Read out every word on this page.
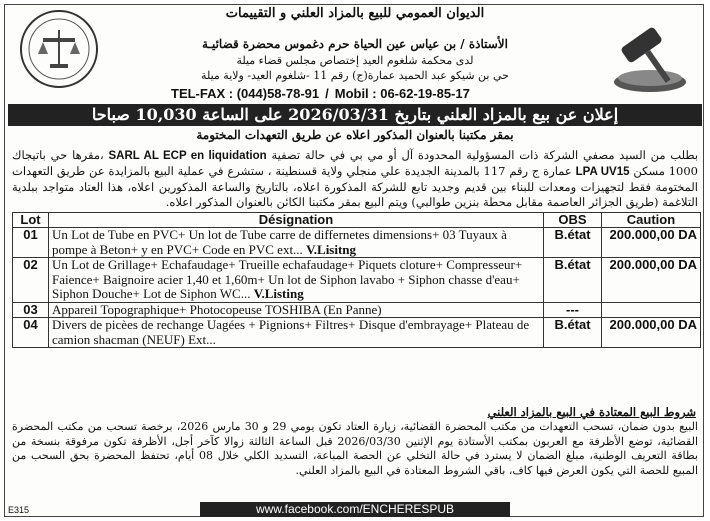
الديوان العمومي للبيع بالمزاد العلني و التقييمات
الأستاذة / بن عياس عين الحياة حرم دغموس محضرة قضائيـة
لدى محكمة شلغوم العيد إختصاص مجلس قضاء ميلة
حي بن شيكو عبد الحميد عمارة(ج) رقم 11 -شلغوم العيد- ولاية ميلة
TEL-FAX : (044)58-78-91 / Mobil : 06-62-19-85-17
إعلان عن بيع بالمزاد العلني بتاريخ 2026/03/31 على الساعة 10,030 صباحا
بمقر مكتبنا بالعنوان المذكور اعلاه عن طريق التعهدات المختومة
بطلب من السيد مصفي الشركة ذات المسؤولية المحدودة آل أو مي بي في حالة تصفية SARL AL ECP en liquidation ،مقرها حي باتيجاك 1000 مسكن LPA UV15 عمارة ج رقم 117 بالمدينة الجديدة علي منجلي ولاية قسنطينة ، ستشرع في عملية البيع بالمزايدة عن طريق التعهدات المختومة فقط لتجهيزات ومعدات للبناء بين قديم وجديد تابع للشركة المذكورة اعلاه، بالتاريخ والساعة المذكورين اعلاه، هذا العتاد متواجد ببلدية التلاغمة (طريق الجزائر العاصمة مقابل محطة بنزين طوالبي) ويتم البيع بمقر مكتبنا الكائن بالعنوان المذكور اعلاه.
Lot	Désignation	OBS	Caution
01	Un Lot de Tube en PVC+ Un lot de Tube carre de differnetes dimensions+ 03 Tuyaux à pompe à Beton+ y en PVC+ Code en PVC ext... V.Lisitng	B.état	200.000,00 DA
02	Un Lot de Grillage+ Echafaudage+ Trueille echafaudage+ Piquets cloture+ Compresseur+ Faience+ Baignoire acier 1,40 et 1,60m+ Un lot de Siphon lavabo + Siphon chasse d'eau+ Siphon Douche+ Lot de Siphon WC... V.Listing	B.état	200.000,00 DA
03	Appareil Topographique+ Photocopeuse TOSHIBA (En Panne)	---	
04	Divers de picèes de rechange Uagées + Pignions+ Filtres+ Disque d'embrayage+ Plateau de camion shacman (NEUF) Ext...	B.état	200.000,00 DA
شروط البيع المعتادة في البيع بالمزاد العلني
البيع بدون ضمان، تسحب التعهدات من مكتب المحضرة القضائية، زيارة العتاد تكون يومي 29 و 30 مارس 2026، برخصة تسحب من مكتب المحضرة القضائية، توضع الأظرفة مع العربون بمكتب الأستاذة يوم الإثنين 2026/03/30 قبل الساعة الثالثة زوالا كآخر أجل، الأظرفة تكون مرفوقة بنسخة من بطاقة التعريف الوطنية، مبلغ الضمان لا يسترد في حالة التخلي عن الحصة المباعة، التسديد الكلي خلال 08 أيام، تحتفظ المحضرة بحق السحب من المبيع للحصة التي يكون العرض فيها كاف، باقي الشروط المعتادة في البيع بالمزاد العلني.
E315	www.facebook.com/ENCHERESPUB
